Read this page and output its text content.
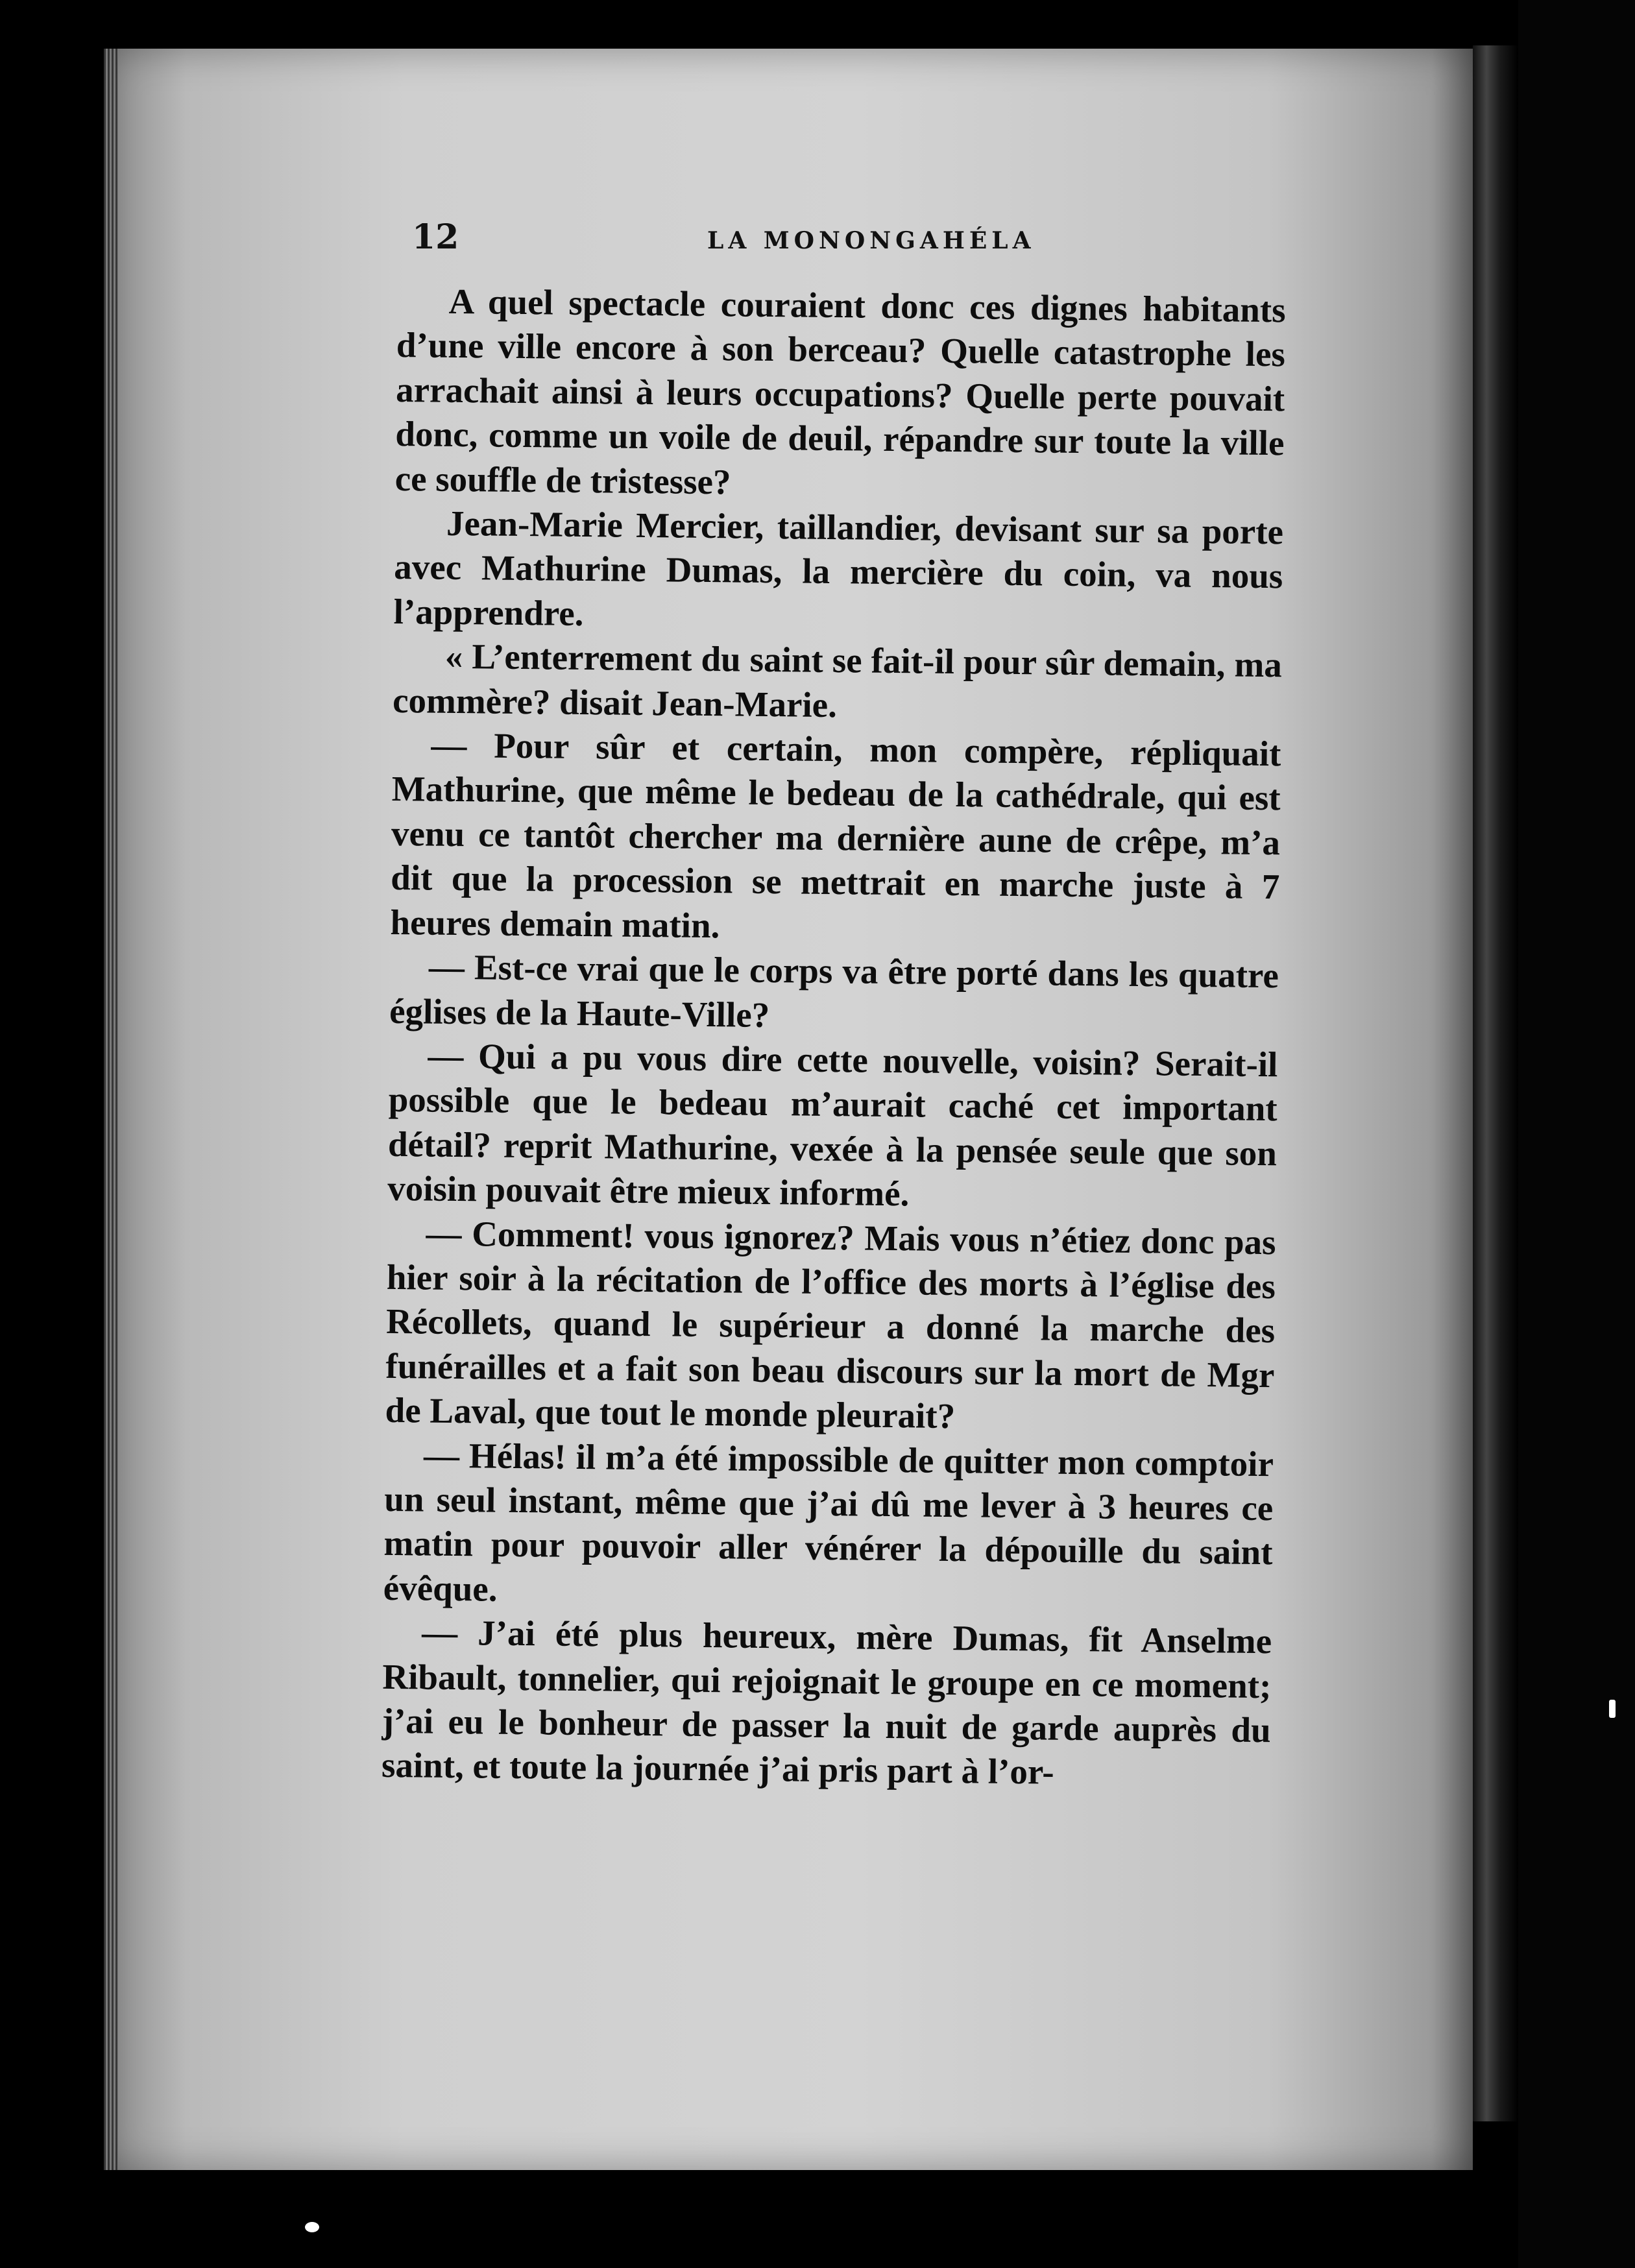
12	LA MONONGAHÉLA

A quel spectacle couraient donc ces dignes habitants d’une ville encore à son berceau? Quelle catastrophe les arrachait ainsi à leurs occupations? Quelle perte pouvait donc, comme un voile de deuil, répandre sur toute la ville ce souffle de tristesse?

Jean-Marie Mercier, taillandier, devisant sur sa porte avec Mathurine Dumas, la mercière du coin, va nous l’apprendre.

« L’enterrement du saint se fait-il pour sûr demain, ma commère? disait Jean-Marie.

— Pour sûr et certain, mon compère, répliquait Mathurine, que même le bedeau de la cathédrale, qui est venu ce tantôt chercher ma dernière aune de crêpe, m’a dit que la procession se mettrait en marche juste à 7 heures demain matin.

— Est-ce vrai que le corps va être porté dans les quatre églises de la Haute-Ville?

— Qui a pu vous dire cette nouvelle, voisin? Serait-il possible que le bedeau m’aurait caché cet important détail? reprit Mathurine, vexée à la pensée seule que son voisin pouvait être mieux informé.

— Comment! vous ignorez? Mais vous n’étiez donc pas hier soir à la récitation de l’office des morts à l’église des Récollets, quand le supérieur a donné la marche des funérailles et a fait son beau discours sur la mort de Mgr de Laval, que tout le monde pleurait?

— Hélas! il m’a été impossible de quitter mon comptoir un seul instant, même que j’ai dû me lever à 3 heures ce matin pour pouvoir aller vénérer la dépouille du saint évêque.

— J’ai été plus heureux, mère Dumas, fit Anselme Ribault, tonnelier, qui rejoignait le groupe en ce moment; j’ai eu le bonheur de passer la nuit de garde auprès du saint, et toute la journée j’ai pris part à l’or-
